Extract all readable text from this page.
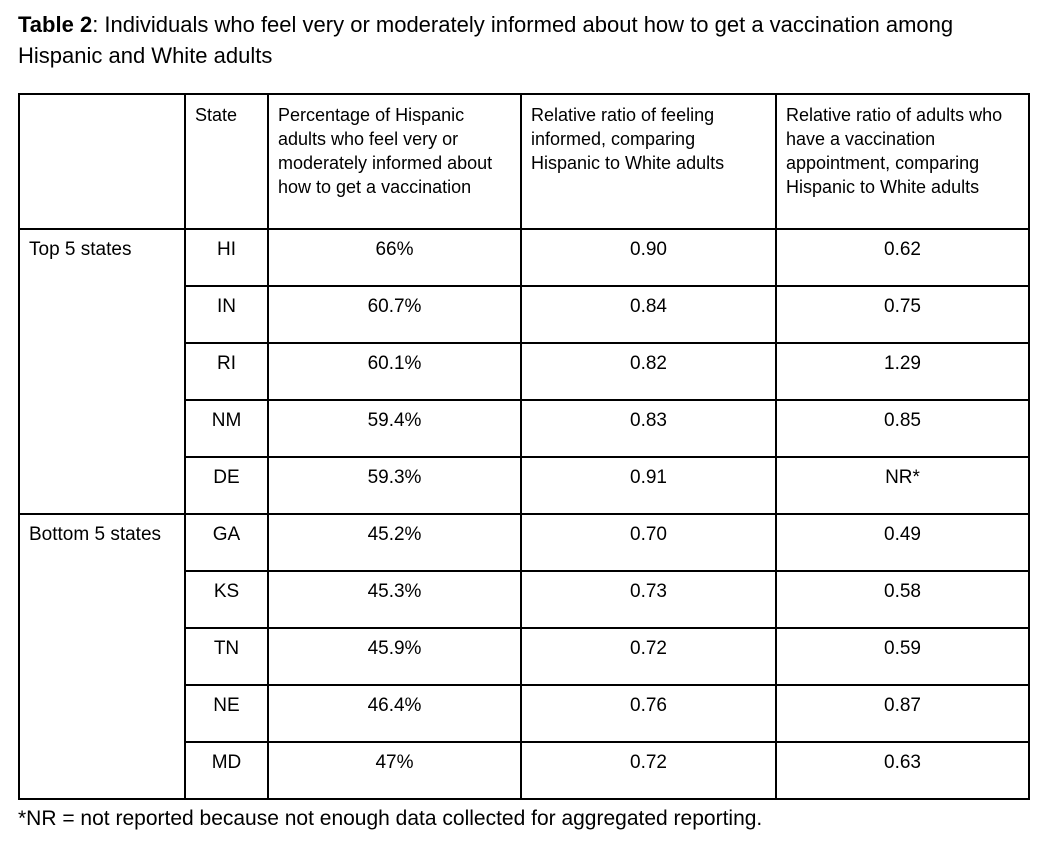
Table 2: Individuals who feel very or moderately informed about how to get a vaccination among Hispanic and White adults

	State	Percentage of Hispanic adults who feel very or moderately informed about how to get a vaccination	Relative ratio of feeling informed, comparing Hispanic to White adults	Relative ratio of adults who have a vaccination appointment, comparing Hispanic to White adults
Top 5 states	HI	66%	0.90	0.62
	IN	60.7%	0.84	0.75
	RI	60.1%	0.82	1.29
	NM	59.4%	0.83	0.85
	DE	59.3%	0.91	NR*
Bottom 5 states	GA	45.2%	0.70	0.49
	KS	45.3%	0.73	0.58
	TN	45.9%	0.72	0.59
	NE	46.4%	0.76	0.87
	MD	47%	0.72	0.63

*NR = not reported because not enough data collected for aggregated reporting.
